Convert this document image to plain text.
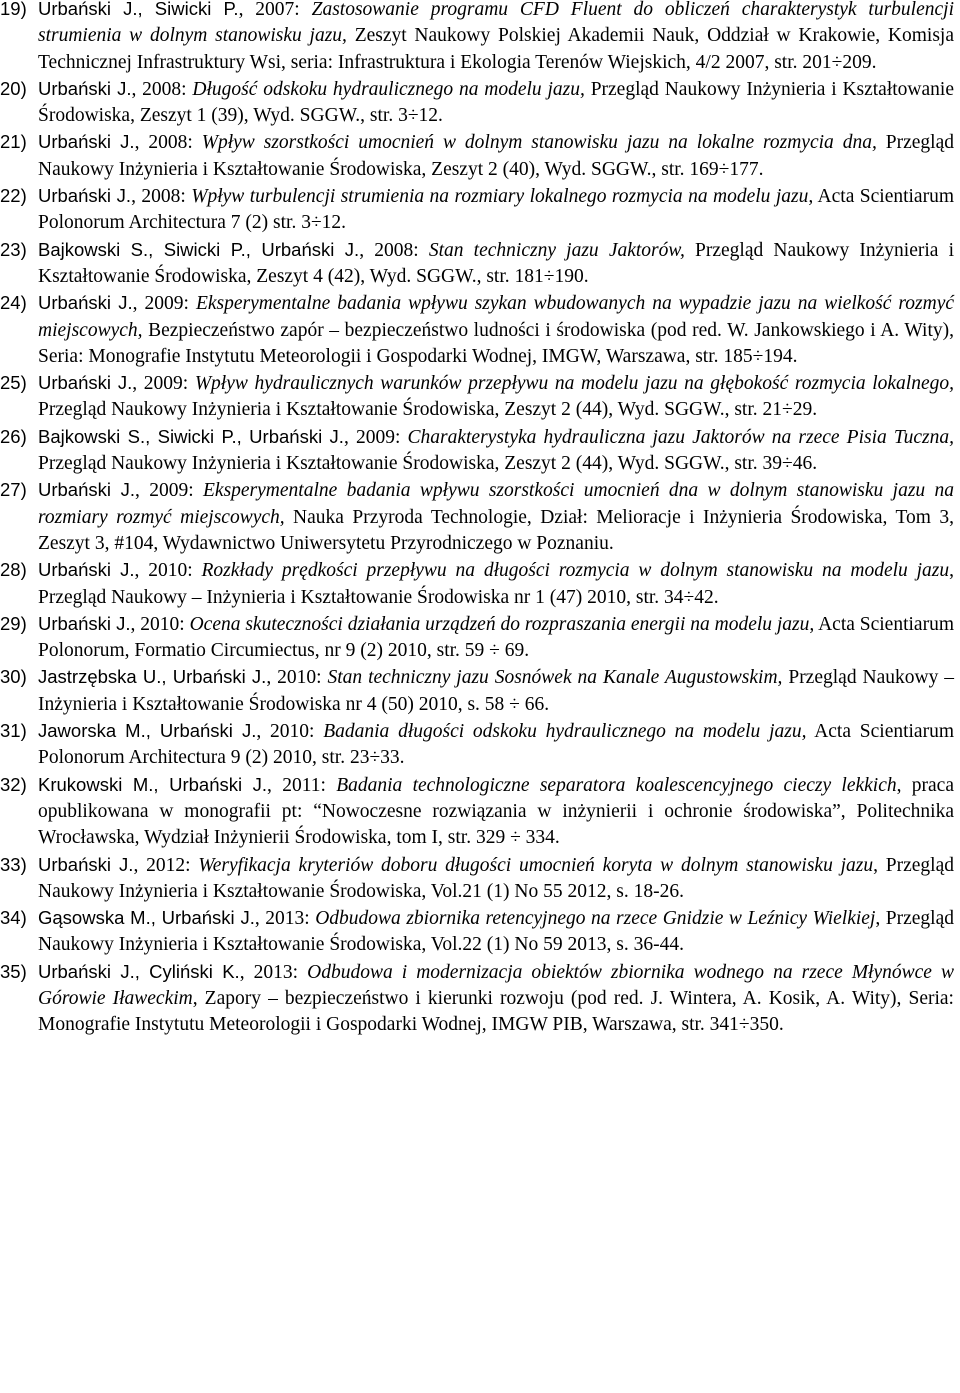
19) Urbański J., Siwicki P., 2007: Zastosowanie programu CFD Fluent do obliczeń charakterystyk turbulencji strumienia w dolnym stanowisku jazu, Zeszyt Naukowy Polskiej Akademii Nauk, Oddział w Krakowie, Komisja Technicznej Infrastruktury Wsi, seria: Infrastruktura i Ekologia Terenów Wiejskich, 4/2 2007, str. 201÷209.

20) Urbański J., 2008: Długość odskoku hydraulicznego na modelu jazu, Przegląd Naukowy Inżynieria i Kształtowanie Środowiska, Zeszyt 1 (39), Wyd. SGGW., str. 3÷12.

21) Urbański J., 2008: Wpływ szorstkości umocnień w dolnym stanowisku jazu na lokalne rozmycia dna, Przegląd Naukowy Inżynieria i Kształtowanie Środowiska, Zeszyt 2 (40), Wyd. SGGW., str. 169÷177.

22) Urbański J., 2008: Wpływ turbulencji strumienia na rozmiary lokalnego rozmycia na modelu jazu, Acta Scientiarum Polonorum Architectura 7 (2) str. 3÷12.

23) Bajkowski S., Siwicki P., Urbański J., 2008: Stan techniczny jazu Jaktorów, Przegląd Naukowy Inżynieria i Kształtowanie Środowiska, Zeszyt 4 (42), Wyd. SGGW., str. 181÷190.

24) Urbański J., 2009: Eksperymentalne badania wpływu szykan wbudowanych na wypadzie jazu na wielkość rozmyć miejscowych, Bezpieczeństwo zapór – bezpieczeństwo ludności i środowiska (pod red. W. Jankowskiego i A. Wity), Seria: Monografie Instytutu Meteorologii i Gospodarki Wodnej, IMGW, Warszawa, str. 185÷194.

25) Urbański J., 2009: Wpływ hydraulicznych warunków przepływu na modelu jazu na głębokość rozmycia lokalnego, Przegląd Naukowy Inżynieria i Kształtowanie Środowiska, Zeszyt 2 (44), Wyd. SGGW., str. 21÷29.

26) Bajkowski S., Siwicki P., Urbański J., 2009: Charakterystyka hydrauliczna jazu Jaktorów na rzece Pisia Tuczna, Przegląd Naukowy Inżynieria i Kształtowanie Środowiska, Zeszyt 2 (44), Wyd. SGGW., str. 39÷46.

27) Urbański J., 2009: Eksperymentalne badania wpływu szorstkości umocnień dna w dolnym stanowisku jazu na rozmiary rozmyć miejscowych, Nauka Przyroda Technologie, Dział: Melioracje i Inżynieria Środowiska, Tom 3, Zeszyt 3, #104, Wydawnictwo Uniwersytetu Przyrodniczego w Poznaniu.

28) Urbański J., 2010: Rozkłady prędkości przepływu na długości rozmycia w dolnym stanowisku na modelu jazu, Przegląd Naukowy – Inżynieria i Kształtowanie Środowiska nr 1 (47) 2010, str. 34÷42.

29) Urbański J., 2010: Ocena skuteczności działania urządzeń do rozpraszania energii na modelu jazu, Acta Scientiarum Polonorum, Formatio Circumiectus, nr 9 (2) 2010, str. 59 ÷ 69.

30) Jastrzębska U., Urbański J., 2010: Stan techniczny jazu Sosnówek na Kanale Augustowskim, Przegląd Naukowy – Inżynieria i Kształtowanie Środowiska nr 4 (50) 2010, s. 58 ÷ 66.

31) Jaworska M., Urbański J., 2010: Badania długości odskoku hydraulicznego na modelu jazu, Acta Scientiarum Polonorum Architectura 9 (2) 2010, str. 23÷33.

32) Krukowski M., Urbański J., 2011: Badania technologiczne separatora koalescencyjnego cieczy lekkich, praca opublikowana w monografii pt: “Nowoczesne rozwiązania w inżynierii i ochronie środowiska”, Politechnika Wrocławska, Wydział Inżynierii Środowiska, tom I, str. 329 ÷ 334.

33) Urbański J., 2012: Weryfikacja kryteriów doboru długości umocnień koryta w dolnym stanowisku jazu, Przegląd Naukowy Inżynieria i Kształtowanie Środowiska, Vol.21 (1) No 55 2012, s. 18-26.

34) Gąsowska M., Urbański J., 2013: Odbudowa zbiornika retencyjnego na rzece Gnidzie w Leźnicy Wielkiej, Przegląd Naukowy Inżynieria i Kształtowanie Środowiska, Vol.22 (1) No 59 2013, s. 36-44.

35) Urbański J., Cyliński K., 2013: Odbudowa i modernizacja obiektów zbiornika wodnego na rzece Młynówce w Górowie Iławeckim, Zapory – bezpieczeństwo i kierunki rozwoju (pod red. J. Wintera, A. Kosik, A. Wity), Seria: Monografie Instytutu Meteorologii i Gospodarki Wodnej, IMGW PIB, Warszawa, str. 341÷350.
